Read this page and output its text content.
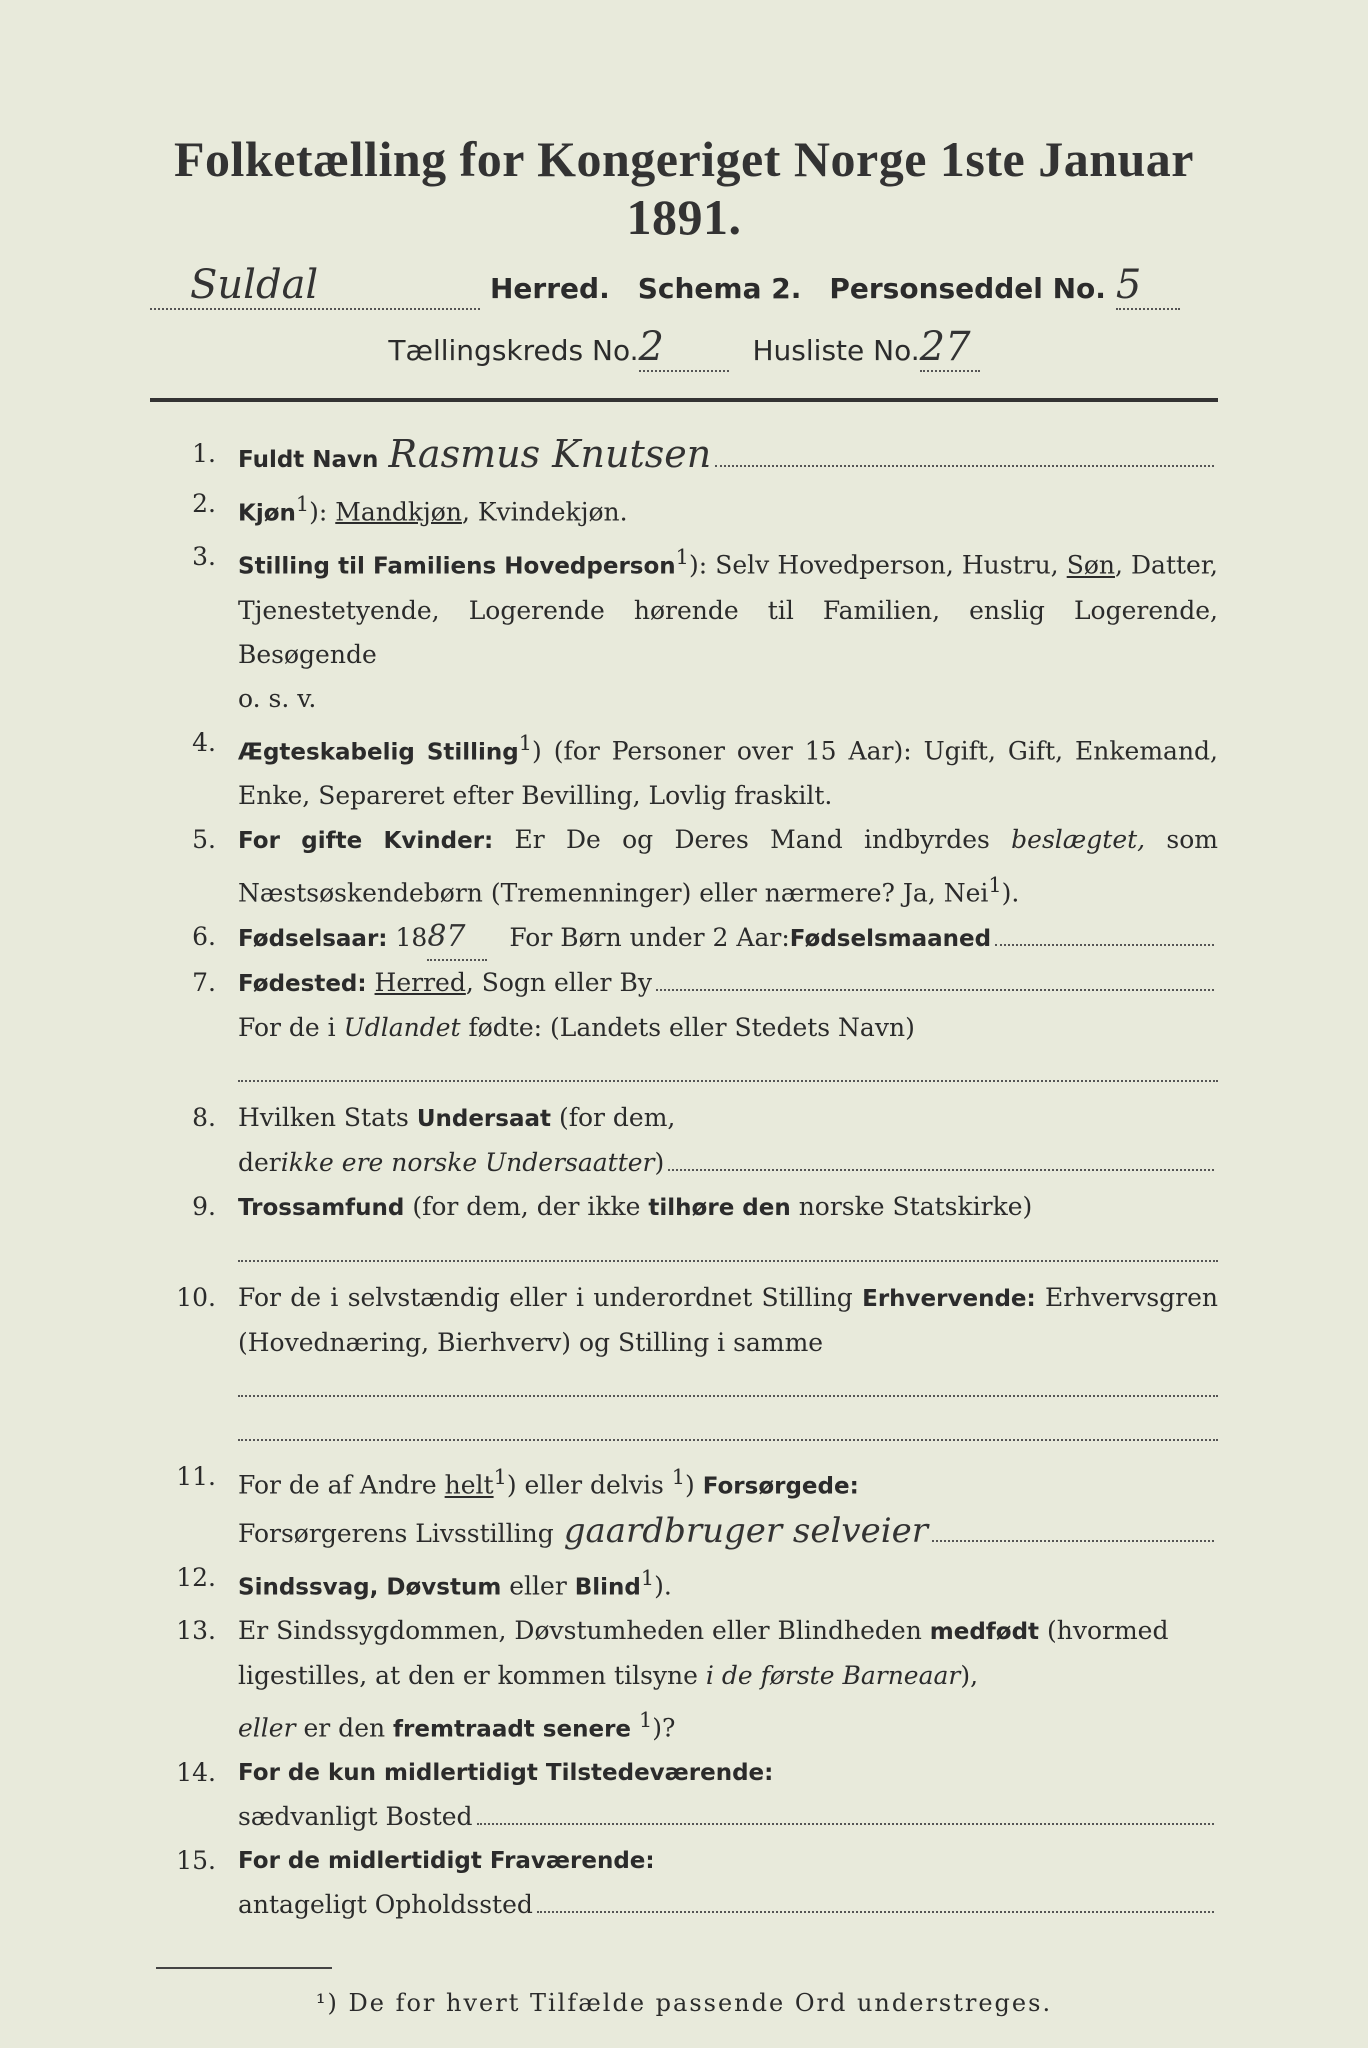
Folketælling for Kongeriget Norge 1ste Januar 1891.
Suldal	Herred. Schema 2. Personseddel No. 5
Tællingskreds No.2	Husliste No.27
1. Fuldt Navn Rasmus Knutsen
2. Kjøn$^1$): Mandkjøn, Kvindekjøn.
3. Stilling til Familiens Hovedperson$^1$): Selv Hovedperson, Hustru, Søn, Datter, Tjenestetyende, Logerende hørende til Familien, enslig Logerende, Besøgende
o. s. v.
4. Ægteskabelig Stilling$^1$) (for Personer over 15 Aar): Ugift, Gift, Enkemand, Enke, Separeret efter Bevilling, Lovlig fraskilt.
5. For gifte Kvinder: Er De og Deres Mand indbyrdes beslægtet, som Næstsøskendebørn (Tremenninger) eller nærmere? Ja, Nei$^1$).
6. Fødselsaar: 18 87	For Børn under 2 Aar: Fødselsmaaned
7. Fødested:
Herred , Sogn eller By
For de i Udlandet fødte: (Landets eller Stedets Navn)
8. Hvilken Stats Undersaat (for dem,
der ikke ere norske Undersaatter )
9. Trossamfund (for dem, der ikke tilhøre den norske Statskirke)
10. For de i selvstændig eller i underordnet Stilling Erhvervende: Erhvervsgren (Hovednæring, Bierhverv) og Stilling i samme
11. For de af Andre helt$^1$) eller delvis $^1$) Forsørgede:
Forsørgerens Livsstilling gaardbruger selveier
12. Sindssvag, Døvstum eller Blind$^1$).
13. Er Sindssygdommen, Døvstumheden eller Blindheden medfødt (hvormed ligestilles, at den er kommen tilsyne i de første Barneaar),
eller er den fremtraadt senere $^1$)?
14. For de kun midlertidigt Tilstedeværende:
sædvanligt Bosted
15. For de midlertidigt Fraværende:
antageligt Opholdssted
¹) De for hvert Tilfælde passende Ord understreges.
